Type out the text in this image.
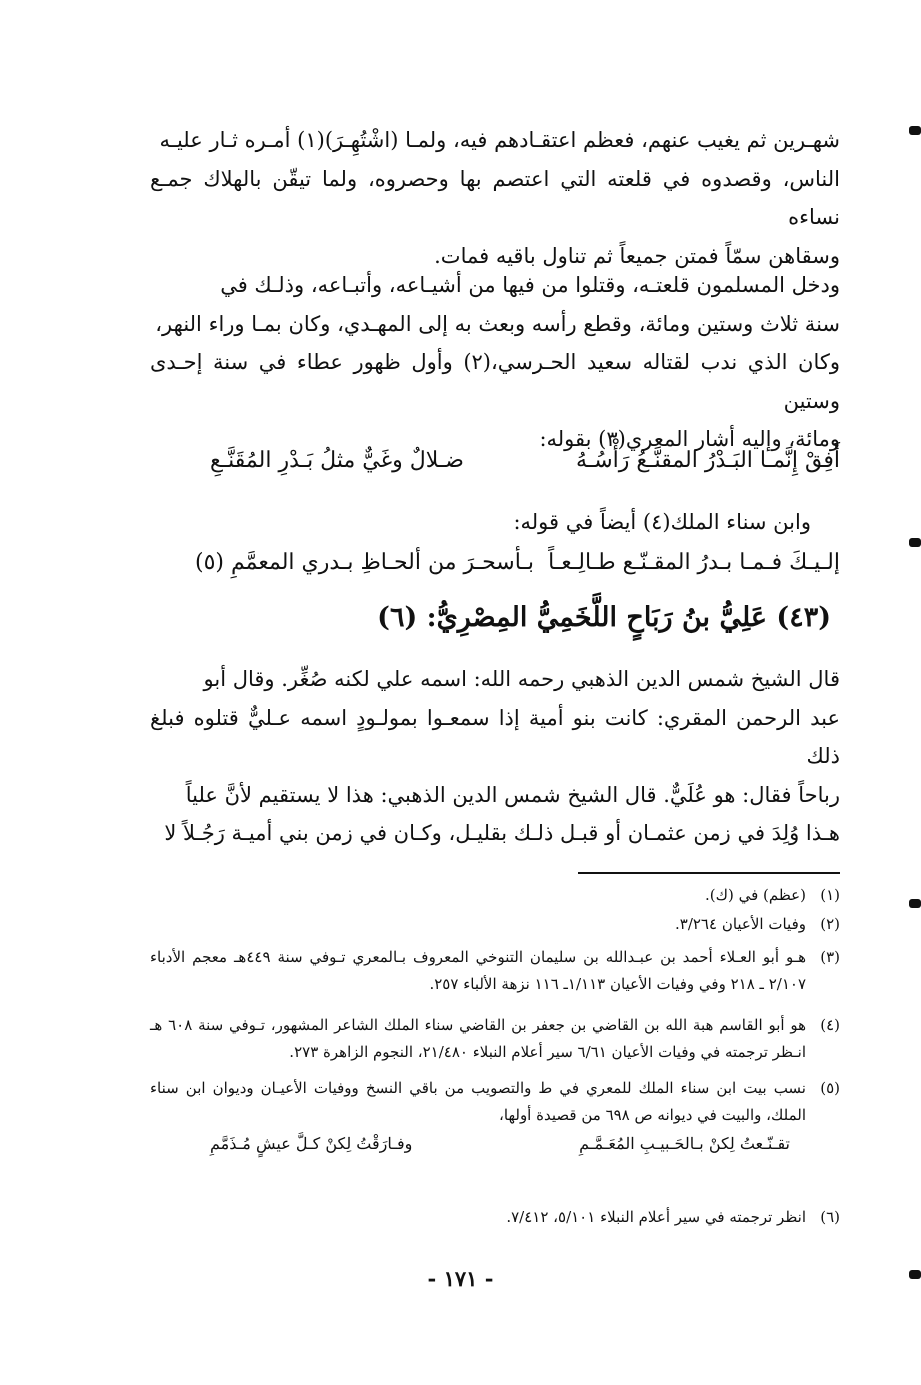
شهـرين ثم يغيب عنهم، فعظم اعتقـادهم فيه، ولمـا (اشْتُهِـرَ)(١) أمـره ثـار عليـه

الناس، وقصدوه في قلعته التي اعتصم بها وحصروه، ولما تيقّن بالهلاك جمـع نساءه

وسقاهن سمّاً فمتن جميعاً ثم تناول باقيه فمات.

ودخل المسلمون قلعتـه، وقتلوا من فيها من أشيـاعه، وأتبـاعه، وذلـك في

سنة ثلاث وستين ومائة، وقطع رأسه وبعث به إلى المهـدي، وكان بمـا وراء النهر،

وكان الذي ندب لقتاله سعيد الحـرسي،(٢) وأول ظهور عطاء في سنة إحـدى وستين

ومائة، وإليه أشار المعري(٣) بقوله:

أَفِقْ إِنَّمـا البَـدْرُ المقنَّـعُ رَأْسُـهُ
ضـلالٌ وغَيٌّ مثلُ بَـدْرِ المُقَنَّـعِ
وابن سناء الملك(٤) أيضاً في قوله:
إلـيـكَ فـمـا بـدرُ المقـنّـع طـالِـعـاً
بـأسحـرَ من ألحـاظِ بـدري المعمَّمِ (٥)
(٤٣) عَلِيُّ بنُ رَبَاحٍ اللَّخَمِيُّ المِصْرِيُّ: (٦)

قال الشيخ شمس الدين الذهبي رحمه الله: اسمه علي لكنه صُغِّر. وقال أبو

عبد الرحمن المقري: كانت بنو أمية إذا سمعـوا بمولـودٍ اسمه عـليٌّ قتلوه فبلغ ذلك

رباحاً فقال: هو عُلَيٌّ. قال الشيخ شمس الدين الذهبي: هذا لا يستقيم لأنَّ علياً

هـذا وُلِدَ في زمن عثمـان أو قبـل ذلـك بقليـل، وكـان في زمن بني أميـة رَجُـلاً لا

(١)
(عظم) في (ك).
(٢)
وفيات الأعيان ٣/٢٦٤.
(٣)
هـو أبو العـلاء أحمد بن عبـدالله بن سليمان التنوخي المعروف بـالمعري تـوفي سنة ٤٤٩هـ معجم الأدباء ٢/١٠٧ ـ ٢١٨ وفي وفيات الأعيان ١/١١٣ـ ١١٦ نزهة الألباء ٢٥٧.
(٤)
هو أبو القاسم هبة الله بن القاضي بن جعفر بن القاضي سناء الملك الشاعر المشهور، تـوفي سنة ٦٠٨ هـ انـظر ترجمته في وفيات الأعيان ٦/٦١ سير أعلام النبلاء ٢١/٤٨٠، النجوم الزاهرة ٢٧٣.
(٥)
نسب بيت ابن سناء الملك للمعري في ط والتصويب من باقي النسخ ووفيات الأعيـان وديوان ابن سناء الملك، والبيت في ديوانه ص ٦٩٨ من قصيدة أولها،
تقـنّـعتُ لِكنْ بـالحَـبيـبِ المُعَـمَّـمِ
وفـارَقْتُ لِكنْ كـلَّ عيشٍ مُـذَمَّمِ
(٦)
انظر ترجمته في سير أعلام النبلاء ٥/١٠١، ٧/٤١٢.
- ١٧١ -
